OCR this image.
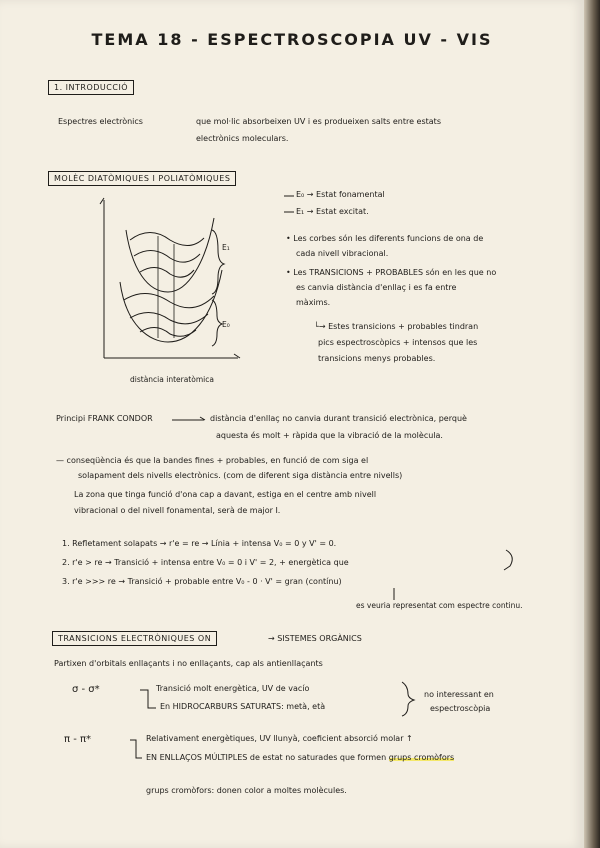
TEMA 18 - ESPECTROSCOPIA UV - VIS
1. INTRODUCCIÓ
Espectres electrònics	que mol·lic absorbeixen UV i es produeixen salts entre estats
electrònics moleculars.
MOLÈC DIATÒMIQUES I POLIATÒMIQUES
E₁
E₀
distància interatòmica
E₀ → Estat fonamental
E₁ → Estat excitat.
• Les corbes són les diferents funcions de ona de
cada nivell vibracional.
• Les TRANSICIONS + PROBABLES són en les que no
es canvia distància d'enllaç i es fa entre
màxims.
└→ Estes transicions + probables tindran
pics espectroscòpics + intensos que les
transicions menys probables.
Principi FRANK CONDOR	distància d'enllaç no canvia durant transició electrònica, perquè
aquesta és molt + ràpida que la vibració de la molècula.
— conseqüència és que la bandes fines + probables, en funció de com siga el
solapament dels nivells electrònics. (com de diferent siga distància entre nivells)
La zona que tinga funció d'ona cap a davant, estiga en el centre amb nivell
vibracional o del nivell fonamental, serà de major I.
1. Refletament solapats → r'e = re → Línia + intensa V₀ = 0 y V' = 0.
2. r'e > re → Transició + intensa entre V₀ = 0 i V' = 2, + energètica que
3. r'e >>> re → Transició + probable entre V₀ - 0 · V' = gran (contínu)
es veuria representat com espectre continu.
TRANSICIONS ELECTRÒNIQUES ON	→ SISTEMES ORGÀNICS
Partixen d'orbitals enllaçants i no enllaçants, cap als antienllaçants
σ - σ*	Transició molt energètica, UV de vacío
En HIDROCARBURS SATURATS: metà, età
no interessant en
espectroscòpia
π - π*	Relativament energètiques, UV llunyà, coeficient absorció molar ↑
EN ENLLAÇOS MÚLTIPLES de estat no saturades que formen grups cromòfors
grups cromòfors: donen color a moltes molècules.
